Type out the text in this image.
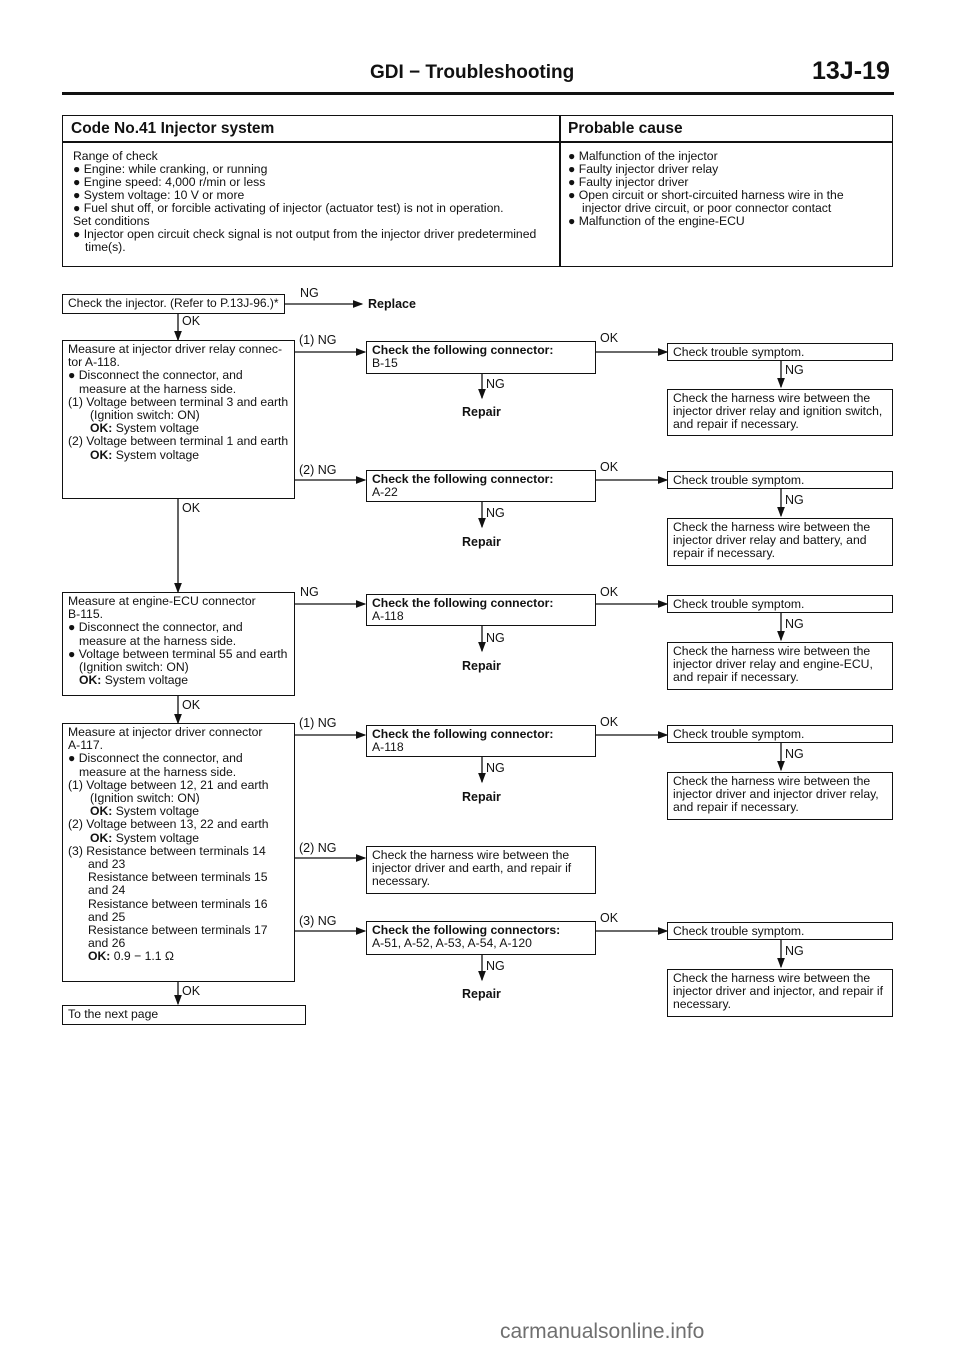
GDI − Troubleshooting	13J-19
Code No.41 Injector system	Probable cause
Range of check
● Engine: while cranking, or running
● Engine speed: 4,000 r/min or less
● System voltage: 10 V or more
● Fuel shut off, or forcible activating of injector (actuator test) is not in operation.
Set conditions
● Injector open circuit check signal is not output from the injector driver predetermined time(s).
● Malfunction of the injector
● Faulty injector driver relay
● Faulty injector driver
● Open circuit or short-circuited harness wire in the injector drive circuit, or poor connector contact
● Malfunction of the engine-ECU
Check the injector. (Refer to P.13J-96.)*
NG
Replace
OK
Measure at injector driver relay connec-
tor A-118.
● Disconnect the connector, and measure at the harness side.
(1) Voltage between terminal 3 and earth
(Ignition switch: ON)
OK: System voltage
(2) Voltage between terminal 1 and earth
OK: System voltage
(1) NG
(2) NG
OK
Check the following connector:
B-15
OK
NG
Repair
Check trouble symptom.
NG
Check the harness wire between the injector driver relay and ignition switch, and repair if necessary.
Check the following connector:
A-22
OK
NG
Repair
Check trouble symptom.
NG
Check the harness wire between the injector driver relay and battery, and repair if necessary.
Measure at engine-ECU connector
B-115.
● Disconnect the connector, and measure at the harness side.
● Voltage between terminal 55 and earth (Ignition switch: ON)
OK: System voltage
NG
OK
Check the following connector:
A-118
OK
NG
Repair
Check trouble symptom.
NG
Check the harness wire between the injector driver relay and engine-ECU, and repair if necessary.
Measure at injector driver connector
A-117.
● Disconnect the connector, and measure at the harness side.
(1) Voltage between 12, 21 and earth
(Ignition switch: ON)
OK: System voltage
(2) Voltage between 13, 22 and earth
OK: System voltage
(3) Resistance between terminals 14 and 23
Resistance between terminals 15 and 24
Resistance between terminals 16 and 25
Resistance between terminals 17 and 26
OK: 0.9 − 1.1 Ω
(1) NG
(2) NG
(3) NG
OK
Check the following connector:
A-118
OK
NG
Repair
Check trouble symptom.
NG
Check the harness wire between the injector driver and injector driver relay, and repair if necessary.
Check the harness wire between the injector driver and earth, and repair if necessary.
Check the following connectors:
A-51, A-52, A-53, A-54, A-120
OK
NG
Repair
Check trouble symptom.
NG
Check the harness wire between the injector driver and injector, and repair if necessary.
To the next page
carmanualsonline.info
